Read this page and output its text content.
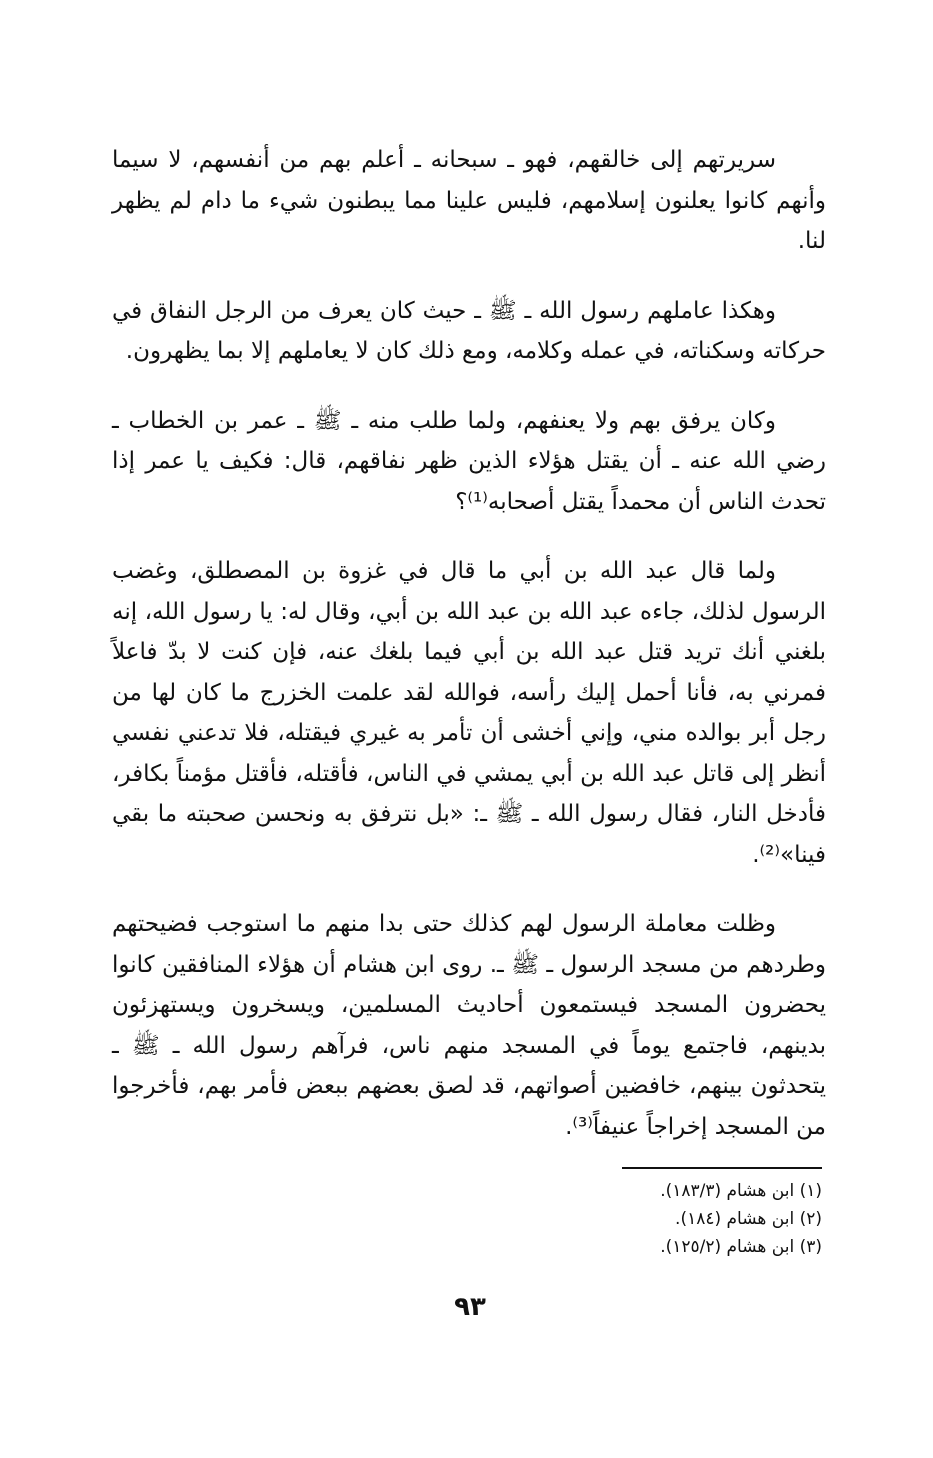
سريرتهم إلى خالقهم، فهو ـ سبحانه ـ أعلم بهم من أنفسهم، لا سيما وأنهم كانوا يعلنون إسلامهم، فليس علينا مما يبطنون شيء ما دام لم يظهر لنا.

وهكذا عاملهم رسول الله ـ ﷺ ـ حيث كان يعرف من الرجل النفاق في حركاته وسكناته، في عمله وكلامه، ومع ذلك كان لا يعاملهم إلا بما يظهرون.

وكان يرفق بهم ولا يعنفهم، ولما طلب منه ـ ﷺ ـ عمر بن الخطاب ـ رضي الله عنه ـ أن يقتل هؤلاء الذين ظهر نفاقهم، قال: فكيف يا عمر إذا تحدث الناس أن محمداً يقتل أصحابه⁽¹⁾؟

ولما قال عبد الله بن أبي ما قال في غزوة بن المصطلق، وغضب الرسول لذلك، جاءه عبد الله بن عبد الله بن أبي، وقال له: يا رسول الله، إنه بلغني أنك تريد قتل عبد الله بن أبي فيما بلغك عنه، فإن كنت لا بدّ فاعلاً فمرني به، فأنا أحمل إليك رأسه، فوالله لقد علمت الخزرج ما كان لها من رجل أبر بوالده مني، وإني أخشى أن تأمر به غيري فيقتله، فلا تدعني نفسي أنظر إلى قاتل عبد الله بن أبي يمشي في الناس، فأقتله، فأقتل مؤمناً بكافر، فأدخل النار، فقال رسول الله ـ ﷺ ـ: «بل نترفق به ونحسن صحبته ما بقي فينا»⁽²⁾.

وظلت معاملة الرسول لهم كذلك حتى بدا منهم ما استوجب فضيحتهم وطردهم من مسجد الرسول ـ ﷺ ـ. روى ابن هشام أن هؤلاء المنافقين كانوا يحضرون المسجد فيستمعون أحاديث المسلمين، ويسخرون ويستهزئون بدينهم، فاجتمع يوماً في المسجد منهم ناس، فرآهم رسول الله ـ ﷺ ـ يتحدثون بينهم، خافضين أصواتهم، قد لصق بعضهم ببعض فأمر بهم، فأخرجوا من المسجد إخراجاً عنيفاً⁽³⁾.

(١) ابن هشام (١٨٣/٣).

(٢) ابن هشام (١٨٤).

(٣) ابن هشام (١٢٥/٢).

٩٣
